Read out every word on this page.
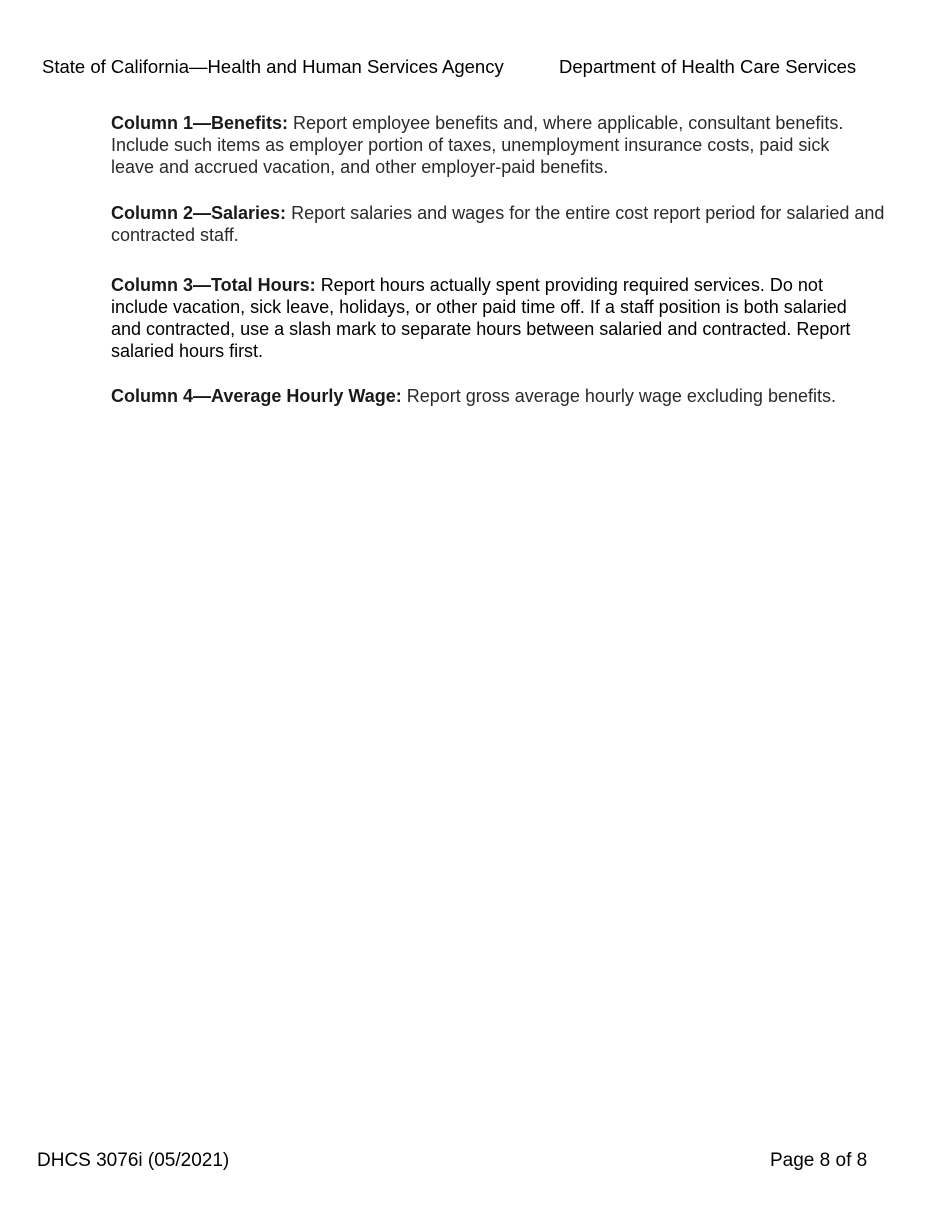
State of California—Health and Human Services Agency	Department of Health Care Services
Column 1—Benefits: Report employee benefits and, where applicable, consultant benefits. Include such items as employer portion of taxes, unemployment insurance costs, paid sick leave and accrued vacation, and other employer-paid benefits.
Column 2—Salaries: Report salaries and wages for the entire cost report period for salaried and contracted staff.
Column 3—Total Hours: Report hours actually spent providing required services. Do not include vacation, sick leave, holidays, or other paid time off. If a staff position is both salaried and contracted, use a slash mark to separate hours between salaried and contracted. Report salaried hours first.
Column 4—Average Hourly Wage: Report gross average hourly wage excluding benefits.
DHCS 3076i (05/2021)	Page 8 of 8
